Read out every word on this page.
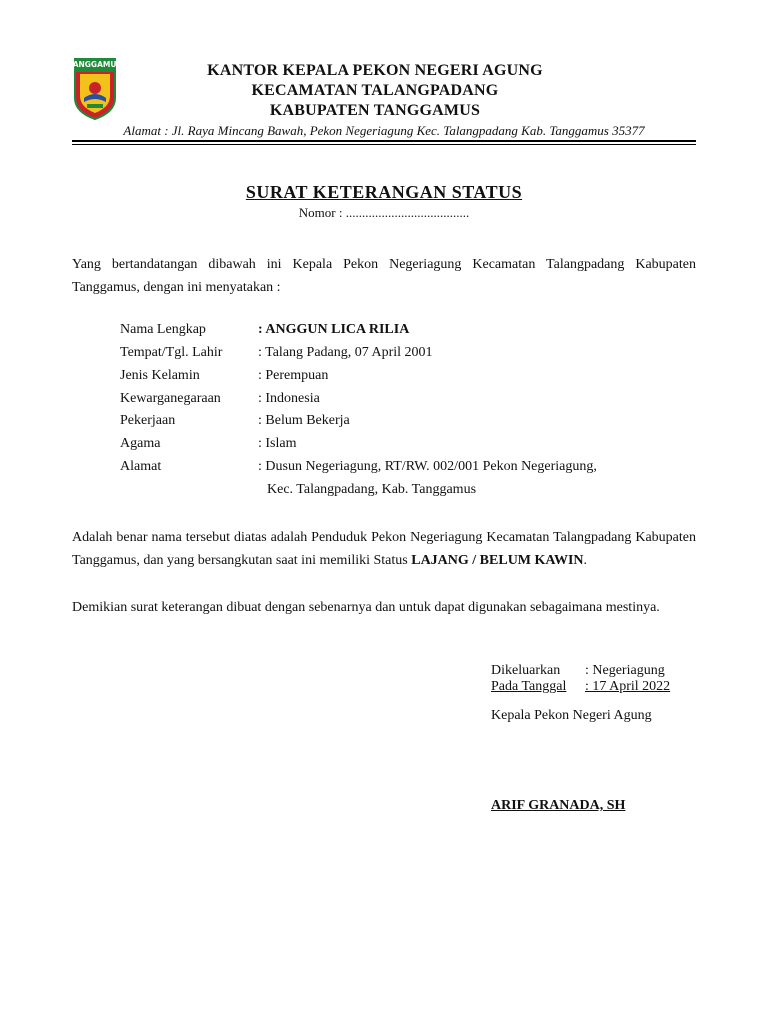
TANGGAMUS	KANTOR KEPALA PEKON NEGERI AGUNG
KECAMATAN TALANGPADANG
KABUPATEN TANGGAMUS
Alamat : Jl. Raya Mincang Bawah, Pekon Negeriagung Kec. Talangpadang Kab. Tanggamus 35377
SURAT KETERANGAN STATUS
Nomor : ......................................
Yang bertandatangan dibawah ini Kepala Pekon Negeriagung Kecamatan Talangpadang Kabupaten Tanggamus, dengan ini menyatakan :
Nama Lengkap	: ANGGUN LICA RILIA
Tempat/Tgl. Lahir	: Talang Padang, 07 April 2001
Jenis Kelamin	: Perempuan
Kewarganegaraan	: Indonesia
Pekerjaan	: Belum Bekerja
Agama	: Islam
Alamat	: Dusun Negeriagung, RT/RW. 002/001 Pekon Negeriagung,
Kec. Talangpadang, Kab. Tanggamus
Adalah benar nama tersebut diatas adalah Penduduk Pekon Negeriagung Kecamatan Talangpadang Kabupaten Tanggamus, dan yang bersangkutan saat ini memiliki Status LAJANG / BELUM KAWIN.
Demikian surat keterangan dibuat dengan sebenarnya dan untuk dapat digunakan sebagaimana mestinya.
Dikeluarkan : Negeriagung
Pada Tanggal : 17 April 2022
Kepala Pekon Negeri Agung
ARIF GRANADA, SH
